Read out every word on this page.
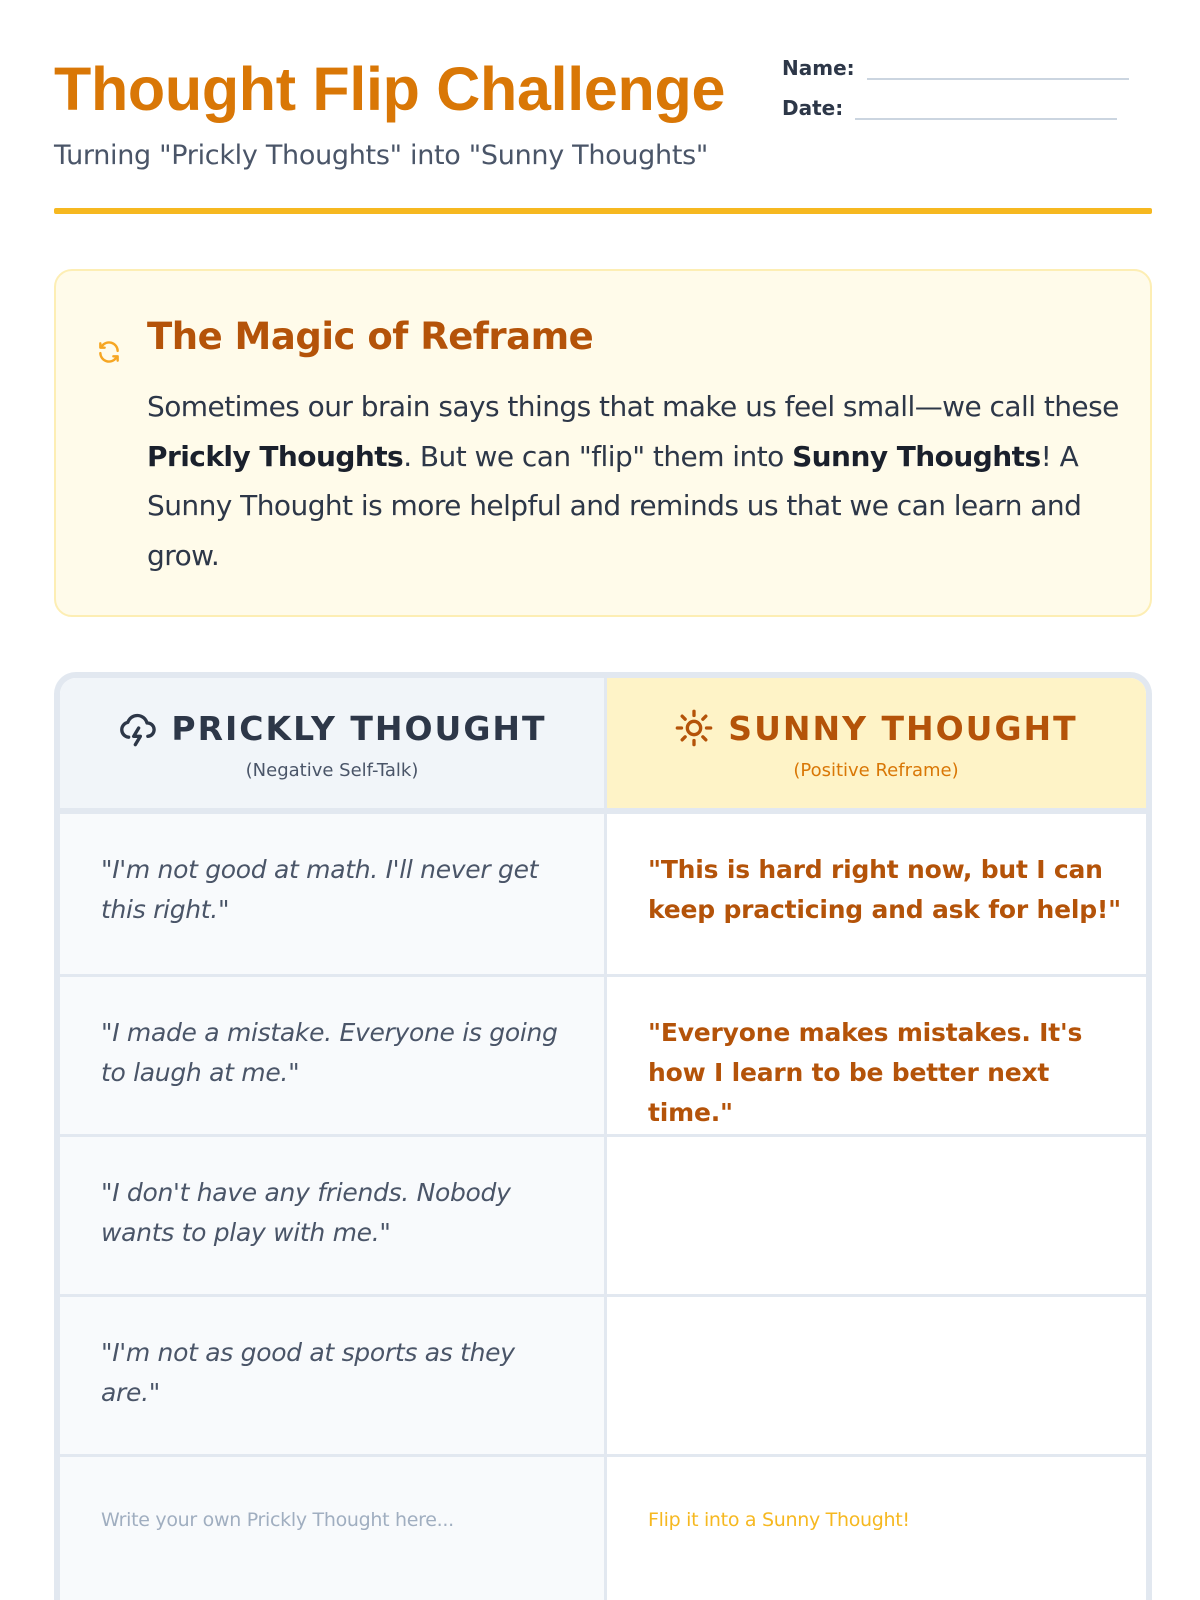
Thought Flip Challenge
Turning "Prickly Thoughts" into "Sunny Thoughts"
Name:
Date:
The Magic of Reframe
Sometimes our brain says things that make us feel small—we call these Prickly Thoughts. But we can "flip" them into Sunny Thoughts! A Sunny Thought is more helpful and reminds us that we can learn and grow.
PRICKLY THOUGHT
(Negative Self-Talk)
SUNNY THOUGHT
(Positive Reframe)
"I'm not good at math. I'll never get this right."
"This is hard right now, but I can keep practicing and ask for help!"
"I made a mistake. Everyone is going to laugh at me."
"Everyone makes mistakes. It's how I learn to be better next time."
"I don't have any friends. Nobody wants to play with me."
"I'm not as good at sports as they are."
Write your own Prickly Thought here...	Flip it into a Sunny Thought!
